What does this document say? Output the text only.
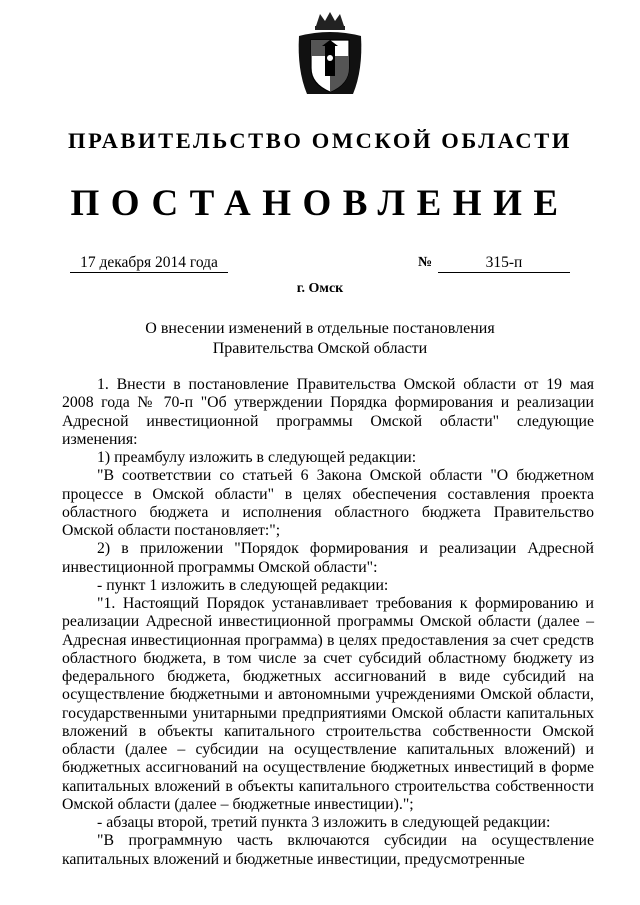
ПРАВИТЕЛЬСТВО ОМСКОЙ ОБЛАСТИ
ПОСТАНОВЛЕНИЕ
17 декабря 2014 года	№	315-п
г. Омск
О внесении изменений в отдельные постановления
Правительства Омской области

1. Внести в постановление Правительства Омской области от 19 мая 2008 года № 70-п "Об утверждении Порядка формирования и реализации Адресной инвестиционной программы Омской области" следующие изменения:

1) преамбулу изложить в следующей редакции:

"В соответствии со статьей 6 Закона Омской области "О бюджетном процессе в Омской области" в целях обеспечения составления проекта областного бюджета и исполнения областного бюджета Правительство Омской области постановляет:";

2) в приложении "Порядок формирования и реализации Адресной инвестиционной программы Омской области":

- пункт 1 изложить в следующей редакции:

"1. Настоящий Порядок устанавливает требования к формированию и реализации Адресной инвестиционной программы Омской области (далее – Адресная инвестиционная программа) в целях предоставления за счет средств областного бюджета, в том числе за счет субсидий областному бюджету из федерального бюджета, бюджетных ассигнований в виде субсидий на осуществление бюджетными и автономными учреждениями Омской области, государственными унитарными предприятиями Омской области капитальных вложений в объекты капитального строительства собственности Омской области (далее – субсидии на осуществление капитальных вложений) и бюджетных ассигнований на осуществление бюджетных инвестиций в форме капитальных вложений в объекты капитального строительства собственности Омской области (далее – бюджетные инвестиции).";

- абзацы второй, третий пункта 3 изложить в следующей редакции:

"В программную часть включаются субсидии на осуществление капитальных вложений и бюджетные инвестиции, предусмотренные
